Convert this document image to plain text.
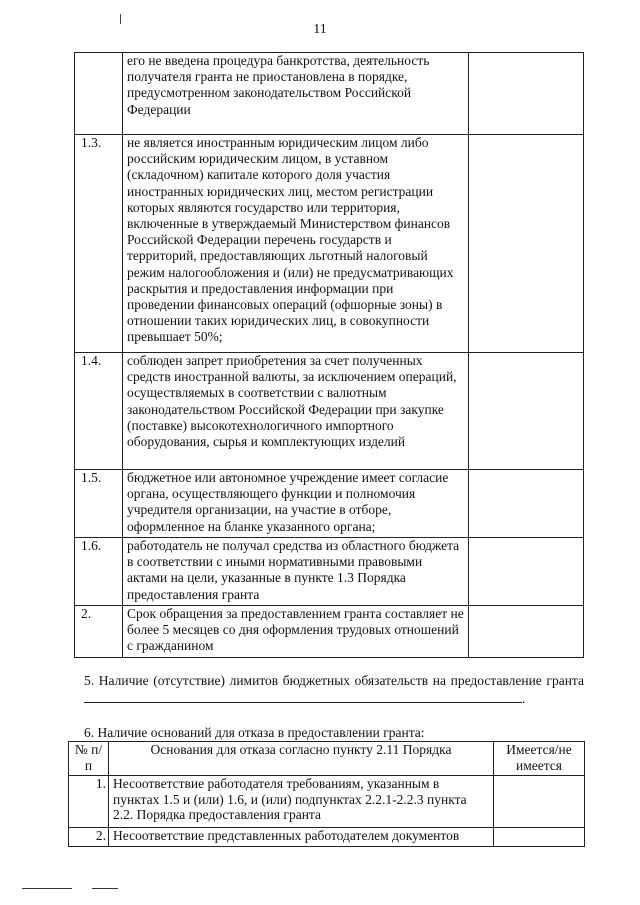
11
	его не введена процедура банкротства, деятельность получателя гранта не приостановлена в порядке, предусмотренном законодательством Российской Федерации	
1.3.	не является иностранным юридическим лицом либо российским юридическим лицом, в уставном (складочном) капитале которого доля участия иностранных юридических лиц, местом регистрации которых являются государство или территория, включенные в утверждаемый Министерством финансов Российской Федерации перечень государств и территорий, предоставляющих льготный налоговый режим налогообложения и (или) не предусматривающих раскрытия и предоставления информации при проведении финансовых операций (офшорные зоны) в отношении таких юридических лиц, в совокупности превышает 50%;	
1.4.	соблюден запрет приобретения за счет полученных средств иностранной валюты, за исключением операций, осуществляемых в соответствии с валютным законодательством Российской Федерации при закупке (поставке) высокотехнологичного импортного оборудования, сырья и комплектующих изделий	
1.5.	бюджетное или автономное учреждение имеет согласие органа, осуществляющего функции и полномочия учредителя организации, на участие в отборе, оформленное на бланке указанного органа;	
1.6.	работодатель не получал средства из областного бюджета в соответствии с иными нормативными правовыми актами на цели, указанные в пункте 1.3 Порядка предоставления гранта	
2.	Срок обращения за предоставлением гранта составляет не более 5 месяцев со дня оформления трудовых отношений с гражданином	
5. Наличие (отсутствие) лимитов бюджетных обязательств на предоставление гранта .
6. Наличие оснований для отказа в предоставлении гранта:
№ п/п	Основания для отказа согласно пункту 2.11 Порядка	Имеется/не имеется
1.	Несоответствие работодателя требованиям, указанным в пунктах 1.5 и (или) 1.6, и (или) подпунктах 2.2.1-2.2.3 пункта 2.2. Порядка предоставления гранта	
2.	Несоответствие представленных работодателем документов	
